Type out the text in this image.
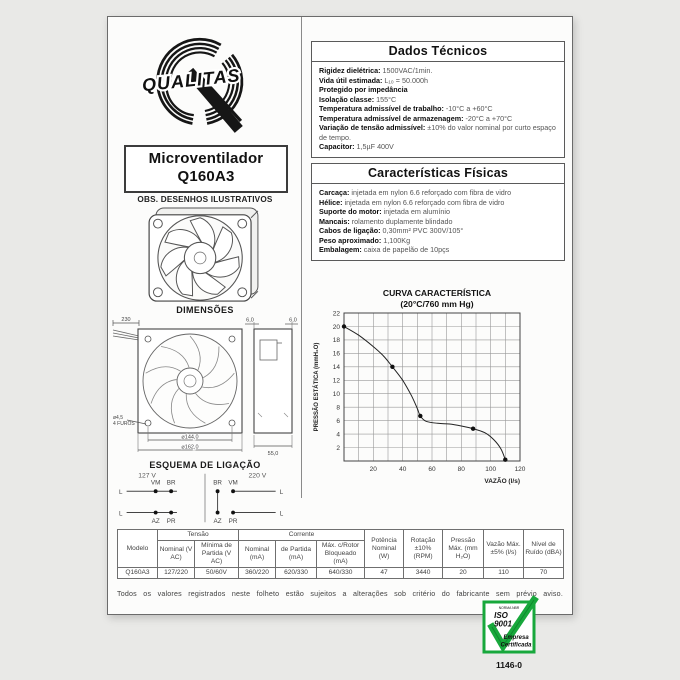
QUALITAS
Microventilador
Q160A3
OBS. DESENHOS ILUSTRATIVOS
DIMENSÕES
230
ø4,5
4 FUROS
⌀144,0
⌀162,0
6,0	6,0
55,0
ESQUEMA DE LIGAÇÃO
127 V	220 V
VM BR
AZ PR
BR VM
AZ PR
L
L
L
L
Dados Técnicos
Rigidez dielétrica: 1500VAC/1min.
Vida útil estimada: L₁₀ = 50.000h
Protegido por impedância
Isolação classe: 155°C
Temperatura admissível de trabalho: -10°C a +60°C
Temperatura admissível de armazenagem: -20°C a +70°C
Variação de tensão admissível: ±10% do valor nominal por curto espaço de tempo.
Capacitor: 1,5µF 400V
Características Físicas
Carcaça: injetada em nylon 6.6 reforçado com fibra de vidro
Hélice: injetada em nylon 6.6 reforçado com fibra de vidro
Suporte do motor: injetada em alumínio
Mancais: rolamento duplamente blindado
Cabos de ligação: 0,30mm² PVC 300V/105°
Peso aproximado: 1,100Kg
Embalagem: caixa de papelão de 10pçs
CURVA CARACTERÍSTICA
(20°C/760 mm Hg)
20	40	60	80	100	120
2
4
6
8
10
12
14
16
18
20
22
PRESSÃO ESTÁTICA (mmH₂O)
VAZÃO (l/s)
Modelo	Tensão		Corrente			Potência Nominal (W)	Rotação ±10% (RPM)	Pressão Máx. (mm H₂O)	Vazão Máx. ±5% (l/s)	Nível de Ruído (dBA)
	Nominal (V AC)	Mínima de Partida (V AC)	Nominal (mA)	de Partida (mA)	Máx. c/Rotor Bloqueado (mA)					
Q160A3	127/220	50/60V	360/220	620/330	640/330	47	3440	20	110	70
Todos os valores registrados neste folheto estão sujeitos a alterações sob critério do fabricante sem prévio aviso.
NORMA NBR
ISO
9001
Empresa
Certificada
1146-0
